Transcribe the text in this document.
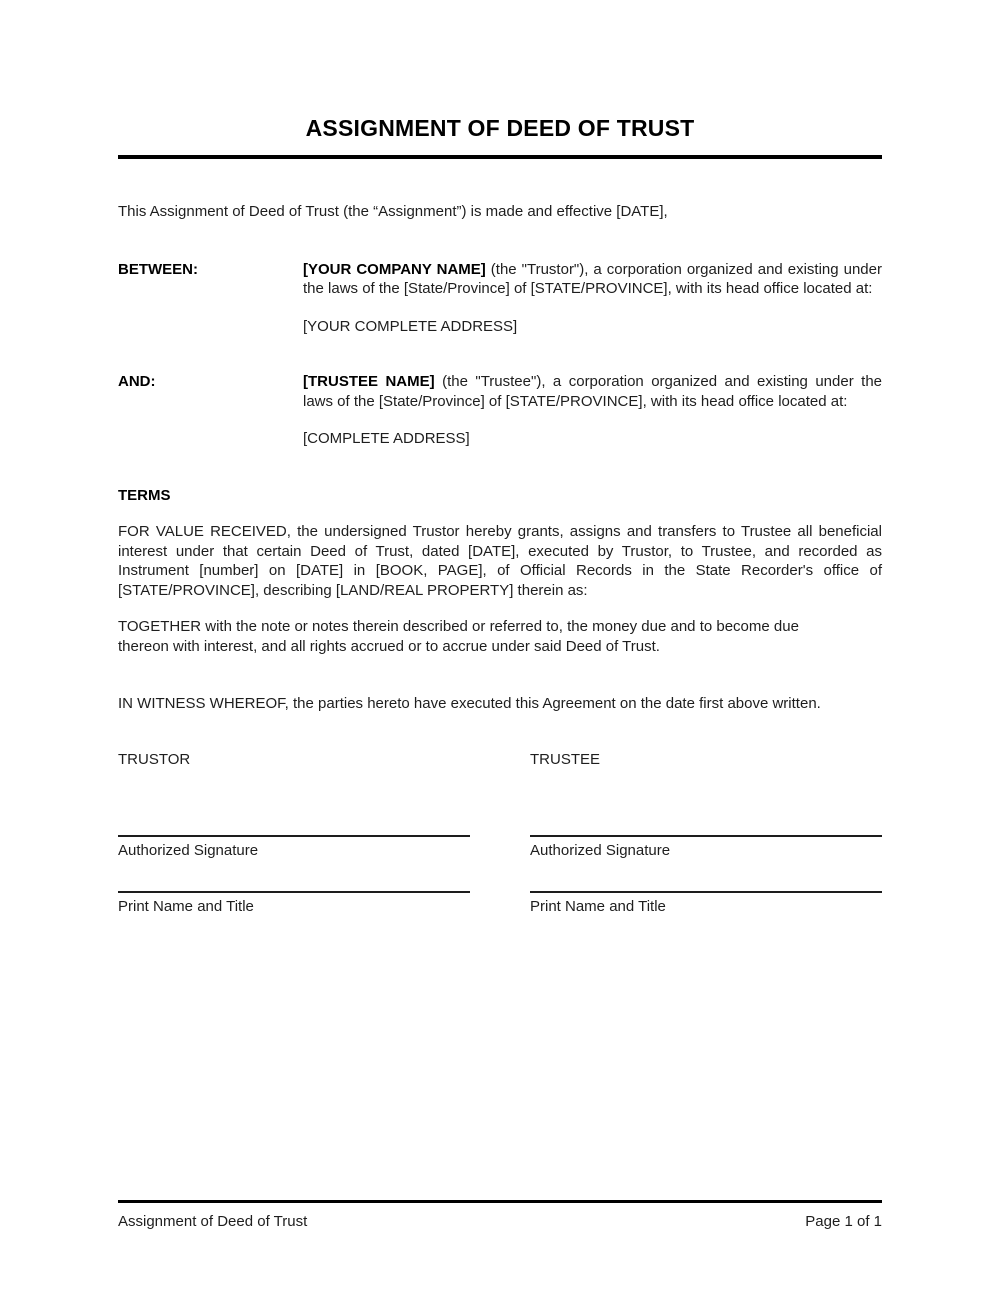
ASSIGNMENT OF DEED OF TRUST

This Assignment of Deed of Trust (the “Assignment”) is made and effective [DATE],

BETWEEN:	[YOUR COMPANY NAME] (the "Trustor"), a corporation organized and existing under the laws of the [State/Province] of [STATE/PROVINCE], with its head office located at:
[YOUR COMPLETE ADDRESS]
AND:	[TRUSTEE NAME] (the "Trustee"), a corporation organized and existing under the laws of the [State/Province] of [STATE/PROVINCE], with its head office located at:
[COMPLETE ADDRESS]
TERMS

FOR VALUE RECEIVED, the undersigned Trustor hereby grants, assigns and transfers to Trustee all beneficial interest under that certain Deed of Trust, dated [DATE], executed by Trustor, to Trustee, and recorded as Instrument [number] on [DATE] in [BOOK, PAGE], of Official Records in the State Recorder's office of [STATE/PROVINCE], describing [LAND/REAL PROPERTY] therein as:

TOGETHER with the note or notes therein described or referred to, the money due and to become due thereon with interest, and all rights accrued or to accrue under said Deed of Trust.

IN WITNESS WHEREOF, the parties hereto have executed this Agreement on the date first above written.

TRUSTOR	TRUSTEE
Authorized Signature	Authorized Signature
Print Name and Title	Print Name and Title
Assignment of Deed of Trust	Page 1 of 1
